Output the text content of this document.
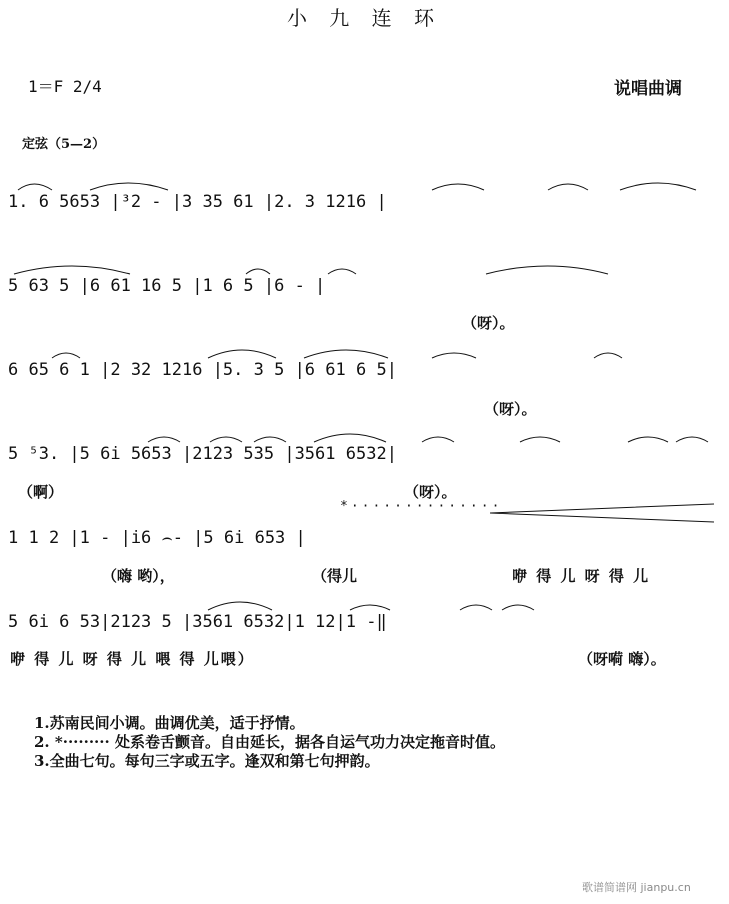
小 九 连 环
1＝F 2/4	说唱曲调
定弦（5—2）
1. 6 5653 |³2 - |3 35 61 |2. 3 1216 |
5 63 5 |6 61 16 5 |1 6 5 |6 - |
（呀）。
6 65 6 1 |2 32 1216 |5. 3 5 |6 61 6 5|
（呀）。
5 ⁵3. |5 6i 5653 |2123 535 |3561 6532|
（啊）	（呀）。
*··············
1 1 2 |1 - |i6 ⌢- |5 6i 653 |
（嗨 哟），	（得儿	咿 得 儿 呀 得 儿
5 6i 6 53|2123 5 |3561 6532|1 12|1 -‖
咿 得 儿 呀 得 儿 喂 得 儿喂）	（呀嗬 嗨）。
1.苏南民间小调。曲调优美，适于抒情。
2. *········· 处系卷舌颤音。自由延长，据各自运气功力决定拖音时值。
3.全曲七句。每句三字或五字。逢双和第七句押韵。
歌谱简谱网 jianpu.cn
